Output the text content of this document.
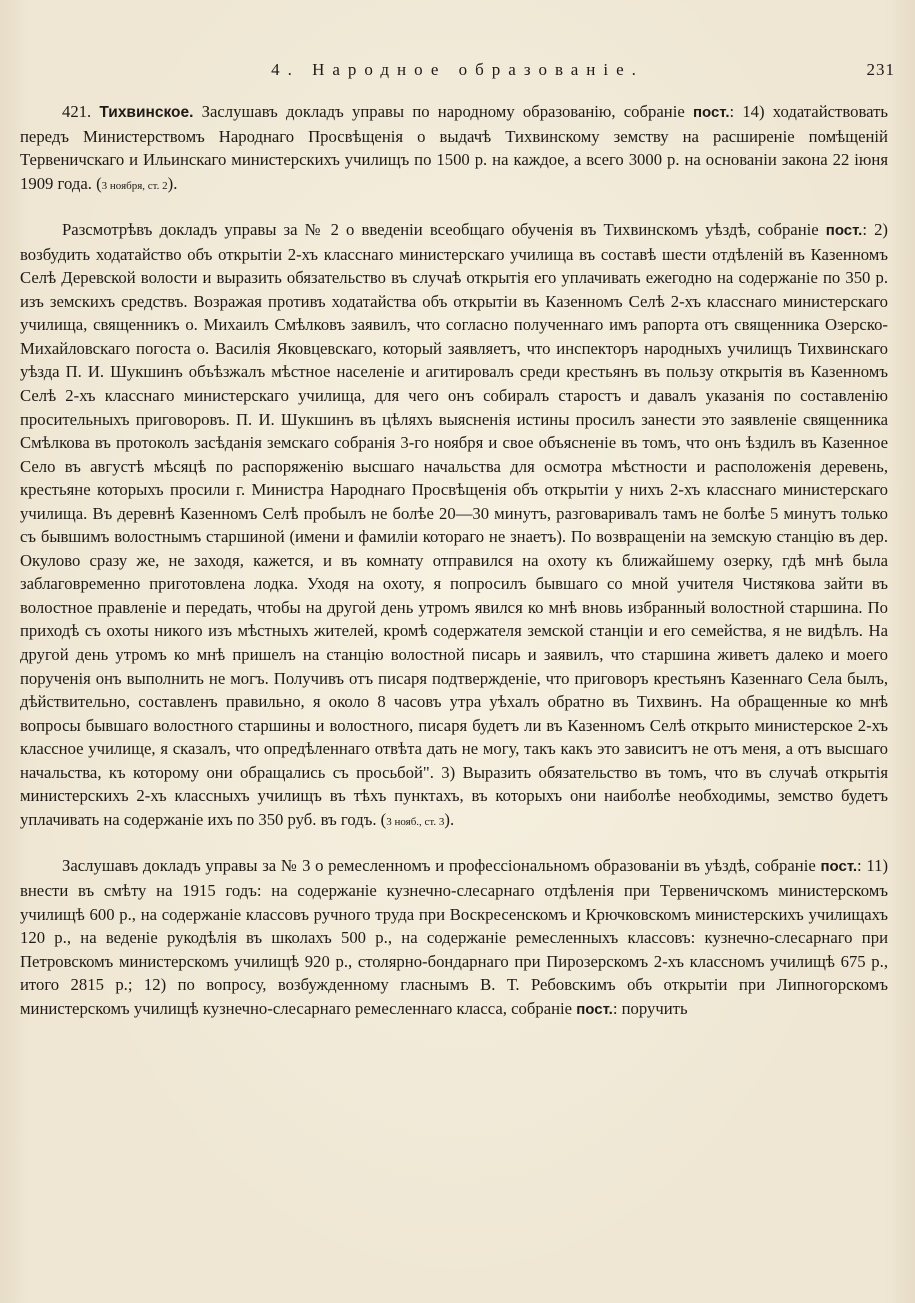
4. Народное образованіе.	231

421. Тихвинское. Заслушавъ докладъ управы по народному образованію, собраніе пост.: 14) ходатайствовать передъ Министерствомъ Народнаго Просвѣщенія о выдачѣ Тихвинскому земству на расширеніе помѣщеній Тервеничскаго и Ильинскаго министерскихъ училищъ по 1500 р. на каждое, а всего 3000 р. на основаніи закона 22 іюня 1909 года. (3 ноября, ст. 2).

Разсмотрѣвъ докладъ управы за № 2 о введеніи всеобщаго обученія въ Тихвинскомъ уѣздѣ, собраніе пост.: 2) возбудить ходатайство объ открытіи 2-хъ класснаго министерскаго училища въ составѣ шести отдѣленій въ Казенномъ Селѣ Деревской волости и выразить обязательство въ случаѣ открытія его уплачивать ежегодно на содержаніе по 350 р. изъ земскихъ средствъ. Возражая противъ ходатайства объ открытіи въ Казенномъ Селѣ 2-хъ класснаго министерскаго училища, священникъ о. Михаилъ Смѣлковъ заявилъ, что согласно полученнаго имъ рапорта отъ священника Озерско-Михайловскаго погоста о. Василія Яковцевскаго, который заявляетъ, что инспекторъ народныхъ училищъ Тихвинскаго уѣзда П. И. Шукшинъ объѣзжалъ мѣстное населеніе и агитировалъ среди крестьянъ въ пользу открытія въ Казенномъ Селѣ 2-хъ класснаго министерскаго училища, для чего онъ собиралъ старостъ и давалъ указанія по составленію просительныхъ приговоровъ. П. И. Шукшинъ въ цѣляхъ выясненія истины просилъ занести это заявленіе священника Смѣлкова въ протоколъ засѣданія земскаго собранія 3-го ноября и свое объясненіе въ томъ, что онъ ѣздилъ въ Казенное Село въ августѣ мѣсяцѣ по распоряженію высшаго начальства для осмотра мѣстности и расположенія деревень, крестьяне которыхъ просили г. Министра Народнаго Просвѣщенія объ открытіи у нихъ 2-хъ класснаго министерскаго училища. Въ деревнѣ Казенномъ Селѣ пробылъ не болѣе 20—30 минутъ, разговаривалъ тамъ не болѣе 5 минутъ только съ бывшимъ волостнымъ старшиной (имени и фамиліи котораго не знаетъ). По возвращеніи на земскую станцію въ дер. Окулово сразу же, не заходя, кажется, и въ комнату отправился на охоту къ ближайшему озерку, гдѣ мнѣ была заблаговременно приготовлена лодка. Уходя на охоту, я попросилъ бывшаго со мной учителя Чистякова зайти въ волостное правленіе и передать, чтобы на другой день утромъ явился ко мнѣ вновь избранный волостной старшина. По приходѣ съ охоты никого изъ мѣстныхъ жителей, кромѣ содержателя земской станціи и его семейства, я не видѣлъ. На другой день утромъ ко мнѣ пришелъ на станцію волостной писарь и заявилъ, что старшина живетъ далеко и моего порученія онъ выполнить не могъ. Получивъ отъ писаря подтвержденіе, что приговоръ крестьянъ Казеннаго Села былъ, дѣйствительно, составленъ правильно, я около 8 часовъ утра уѣхалъ обратно въ Тихвинъ. На обращенные ко мнѣ вопросы бывшаго волостного старшины и волостного, писаря будетъ ли въ Казенномъ Селѣ открыто министерское 2-хъ классное училище, я сказалъ, что опредѣленнаго отвѣта дать не могу, такъ какъ это зависитъ не отъ меня, а отъ высшаго начальства, къ которому они обращались съ просьбой". 3) Выразить обязательство въ томъ, что въ случаѣ открытія министерскихъ 2-хъ классныхъ училищъ въ тѣхъ пунктахъ, въ которыхъ они наиболѣе необходимы, земство будетъ уплачивать на содержаніе ихъ по 350 руб. въ годъ. (3 нояб., ст. 3).

Заслушавъ докладъ управы за № 3 о ремесленномъ и профессіональномъ образованіи въ уѣздѣ, собраніе пост.: 11) внести въ смѣту на 1915 годъ: на содержаніе кузнечно-слесарнаго отдѣленія при Тервеничскомъ министерскомъ училищѣ 600 р., на содержаніе классовъ ручного труда при Воскресенскомъ и Крючковскомъ министерскихъ училищахъ 120 р., на веденіе рукодѣлія въ школахъ 500 р., на содержаніе ремесленныхъ классовъ: кузнечно-слесарнаго при Петровскомъ министерскомъ училищѣ 920 р., столярно-бондарнаго при Пирозерскомъ 2-хъ классномъ училищѣ 675 р., итого 2815 р.; 12) по вопросу, возбужденному гласнымъ В. Т. Ребовскимъ объ открытіи при Липногорскомъ министерскомъ училищѣ кузнечно-слесарнаго ремесленнаго класса, собраніе пост.: поручить
